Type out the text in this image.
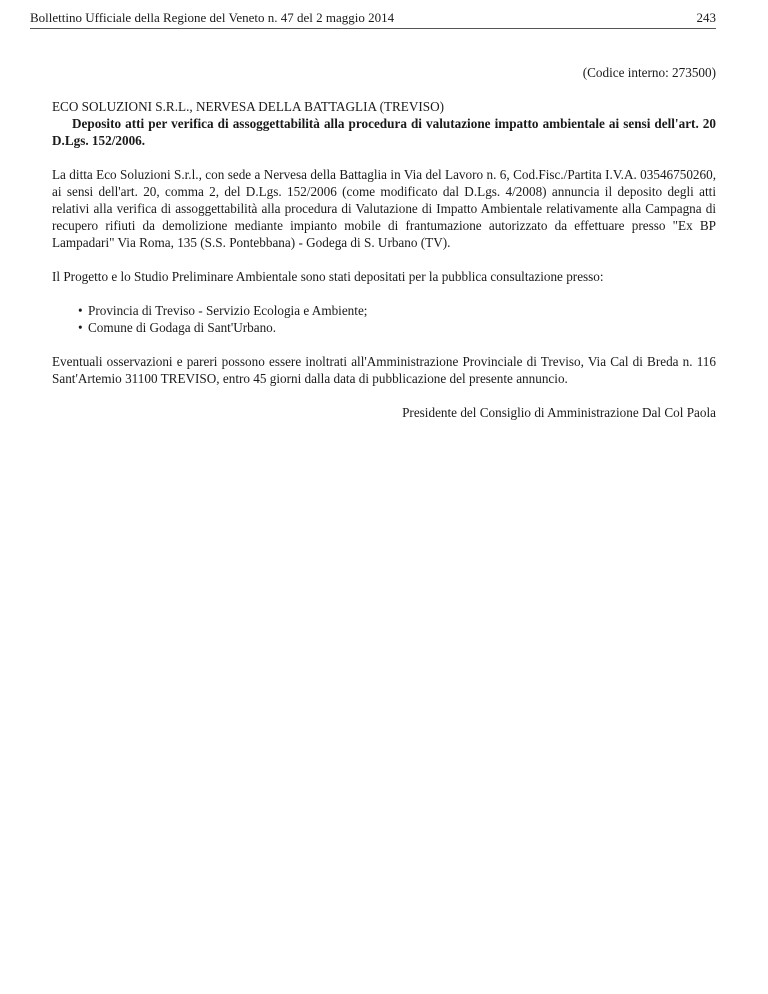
Bollettino Ufficiale della Regione del Veneto n. 47 del 2 maggio 2014	243

(Codice interno: 273500)

ECO SOLUZIONI S.R.L., NERVESA DELLA BATTAGLIA (TREVISO)

Deposito atti per verifica di assoggettabilità alla procedura di valutazione impatto ambientale ai sensi dell'art. 20 D.Lgs. 152/2006.

La ditta Eco Soluzioni S.r.l., con sede a Nervesa della Battaglia in Via del Lavoro n. 6, Cod.Fisc./Partita I.V.A. 03546750260, ai sensi dell'art. 20, comma 2, del D.Lgs. 152/2006 (come modificato dal D.Lgs. 4/2008) annuncia il deposito degli atti relativi alla verifica di assoggettabilità alla procedura di Valutazione di Impatto Ambientale relativamente alla Campagna di recupero rifiuti da demolizione mediante impianto mobile di frantumazione autorizzato da effettuare presso "Ex BP Lampadari" Via Roma, 135 (S.S. Pontebbana) - Godega di S. Urbano (TV).

Il Progetto e lo Studio Preliminare Ambientale sono stati depositati per la pubblica consultazione presso:

• Provincia di Treviso - Servizio Ecologia e Ambiente;
• Comune di Godaga di Sant'Urbano.

Eventuali osservazioni e pareri possono essere inoltrati all'Amministrazione Provinciale di Treviso, Via Cal di Breda n. 116 Sant'Artemio 31100 TREVISO, entro 45 giorni dalla data di pubblicazione del presente annuncio.

Presidente del Consiglio di Amministrazione Dal Col Paola
